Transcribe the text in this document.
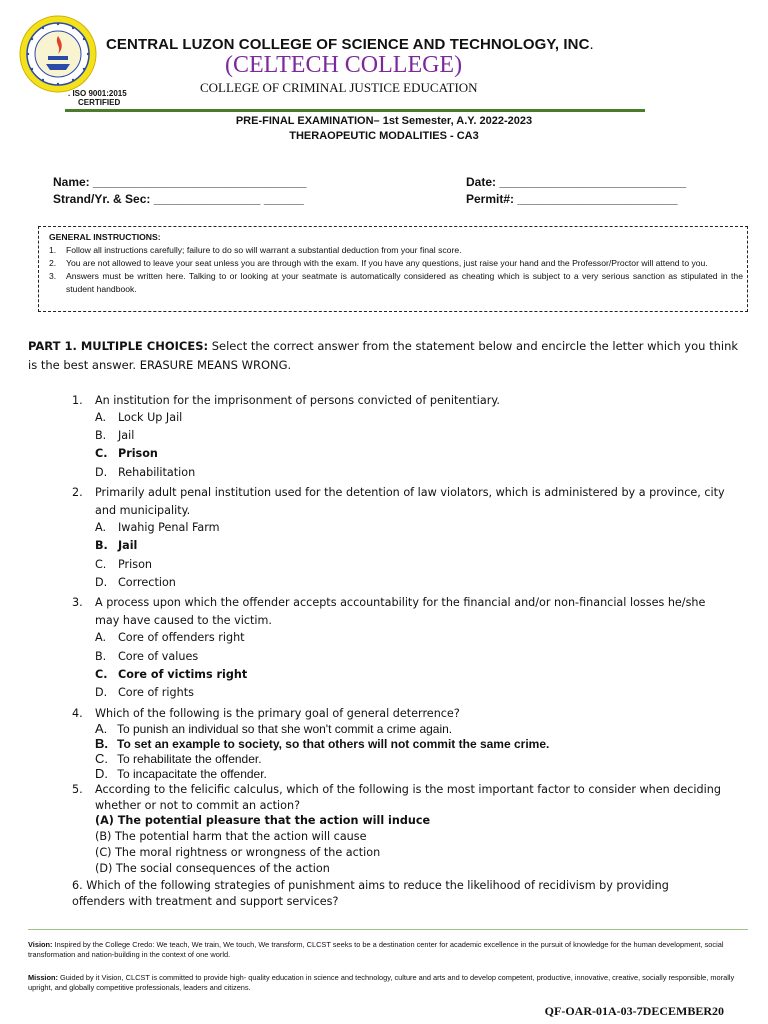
CENTRAL LUZON COLLEGE OF SCIENCE AND TECHNOLOGY, INC.
(CELTECH COLLEGE)
COLLEGE OF CRIMINAL JUSTICE EDUCATION
. ISO 9001:2015
CERTIFIED
PRE-FINAL EXAMINATION– 1st Semester, A.Y. 2022-2023
THERAOPEUTIC MODALITIES - CA3
Name: ________________________________
Strand/Yr. & Sec: ________________ ______
Date: ____________________________
Permit#: ________________________
GENERAL INSTRUCTIONS:
1.	Follow all instructions carefully; failure to do so will warrant a substantial deduction from your final score.
2.	You are not allowed to leave your seat unless you are through with the exam. If you have any questions, just raise your hand and the Professor/Proctor will attend to you.
3.	Answers must be written here. Talking to or looking at your seatmate is automatically considered as cheating which is subject to a very serious sanction as stipulated in the student handbook.
PART 1. MULTIPLE CHOICES: Select the correct answer from the statement below and encircle the letter which you think is the best answer. ERASURE MEANS WRONG.
1. An institution for the imprisonment of persons convicted of penitentiary.
A. Lock Up Jail
B. Jail
C. Prison
D. Rehabilitation
2. Primarily adult penal institution used for the detention of law violators, which is administered by a province, city and municipality.
A. Iwahig Penal Farm
B. Jail
C. Prison
D. Correction
3. A process upon which the offender accepts accountability for the financial and/or non-financial losses he/she may have caused to the victim.
A. Core of offenders right
B. Core of values
C. Core of victims right
D. Core of rights
4. Which of the following is the primary goal of general deterrence?
A. To punish an individual so that she won't commit a crime again.
B. To set an example to society, so that others will not commit the same crime.
C. To rehabilitate the offender.
D. To incapacitate the offender.
5. According to the felicific calculus, which of the following is the most important factor to consider when deciding whether or not to commit an action?
(A) The potential pleasure that the action will induce
(B) The potential harm that the action will cause
(C) The moral rightness or wrongness of the action
(D) The social consequences of the action
6. Which of the following strategies of punishment aims to reduce the likelihood of recidivism by providing offenders with treatment and support services?
Vision: Inspired by the College Credo: We teach, We train, We touch, We transform, CLCST seeks to be a destination center for academic excellence in the pursuit of knowledge for the human development, social transformation and nation-building in the context of one world.
Mission: Guided by it Vision, CLCST is committed to provide high- quality education in science and technology, culture and arts and to develop competent, productive, innovative, creative, socially responsible, morally upright, and globally competitive professionals, leaders and citizens.
QF-OAR-01A-03-7DECEMBER20
